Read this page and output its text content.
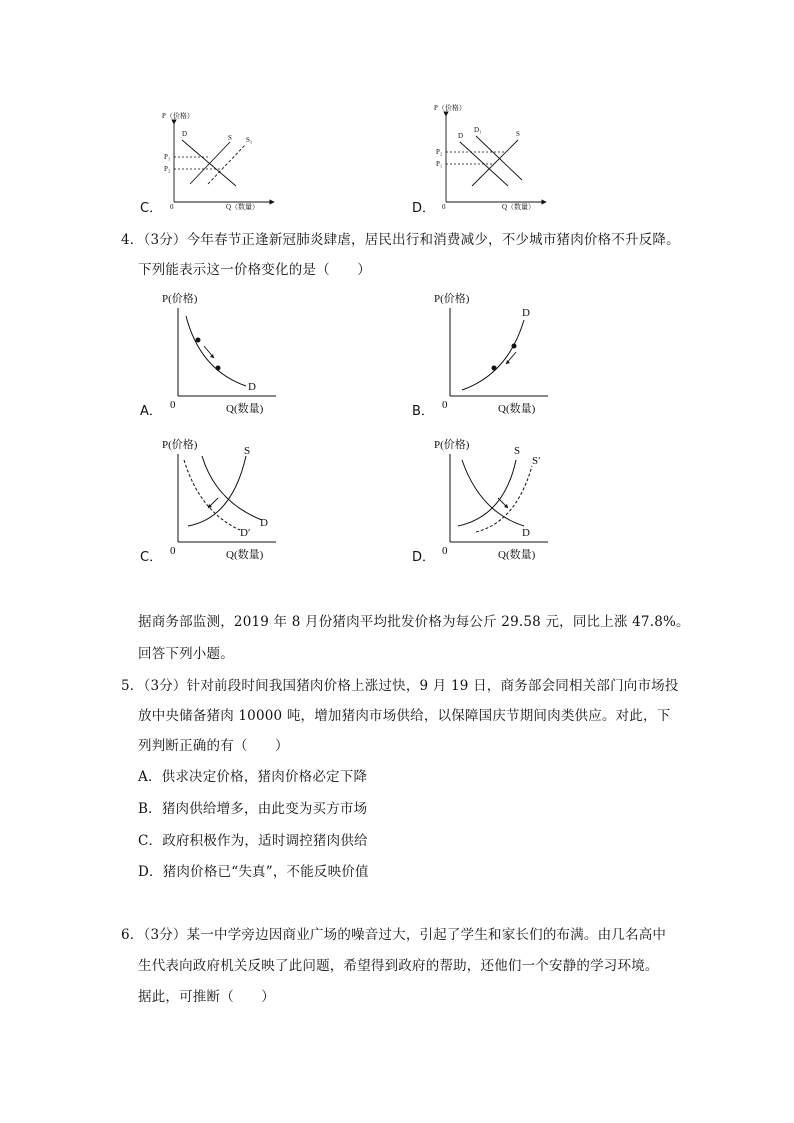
C．
P（价格）
0	Q（数量）
D	S S₁
P₁
P₂
D．
P（价格）
0	Q（数量）
D
D₁	S
P₂
P₁
4．（3分）今年春节正逢新冠肺炎肆虐，居民出行和消费减少，不少城市猪肉价格不升反降。
下列能表示这一价格变化的是（　　）
A．
P(价格)
0	Q(数量)
D
B．
P(价格)
0	Q(数量)
D
C．
P(价格)
0	Q(数量)
S
D
D′
D．
P(价格)
0	Q(数量)
S
S′
D
据商务部监测，2019 年 8 月份猪肉平均批发价格为每公斤 29.58 元，同比上涨 47.8%。
回答下列小题。
5．（3分）针对前段时间我国猪肉价格上涨过快，9 月 19 日，商务部会同相关部门向市场投
放中央储备猪肉 10000 吨，增加猪肉市场供给，以保障国庆节期间肉类供应。对此，下
列判断正确的有（　　）
A．供求决定价格，猪肉价格必定下降
B．猪肉供给增多，由此变为买方市场
C．政府积极作为，适时调控猪肉供给
D．猪肉价格已“失真”，不能反映价值
6．（3分）某一中学旁边因商业广场的噪音过大，引起了学生和家长们的布满。由几名高中
生代表向政府机关反映了此问题，希望得到政府的帮助，还他们一个安静的学习环境。
据此，可推断（　　）
